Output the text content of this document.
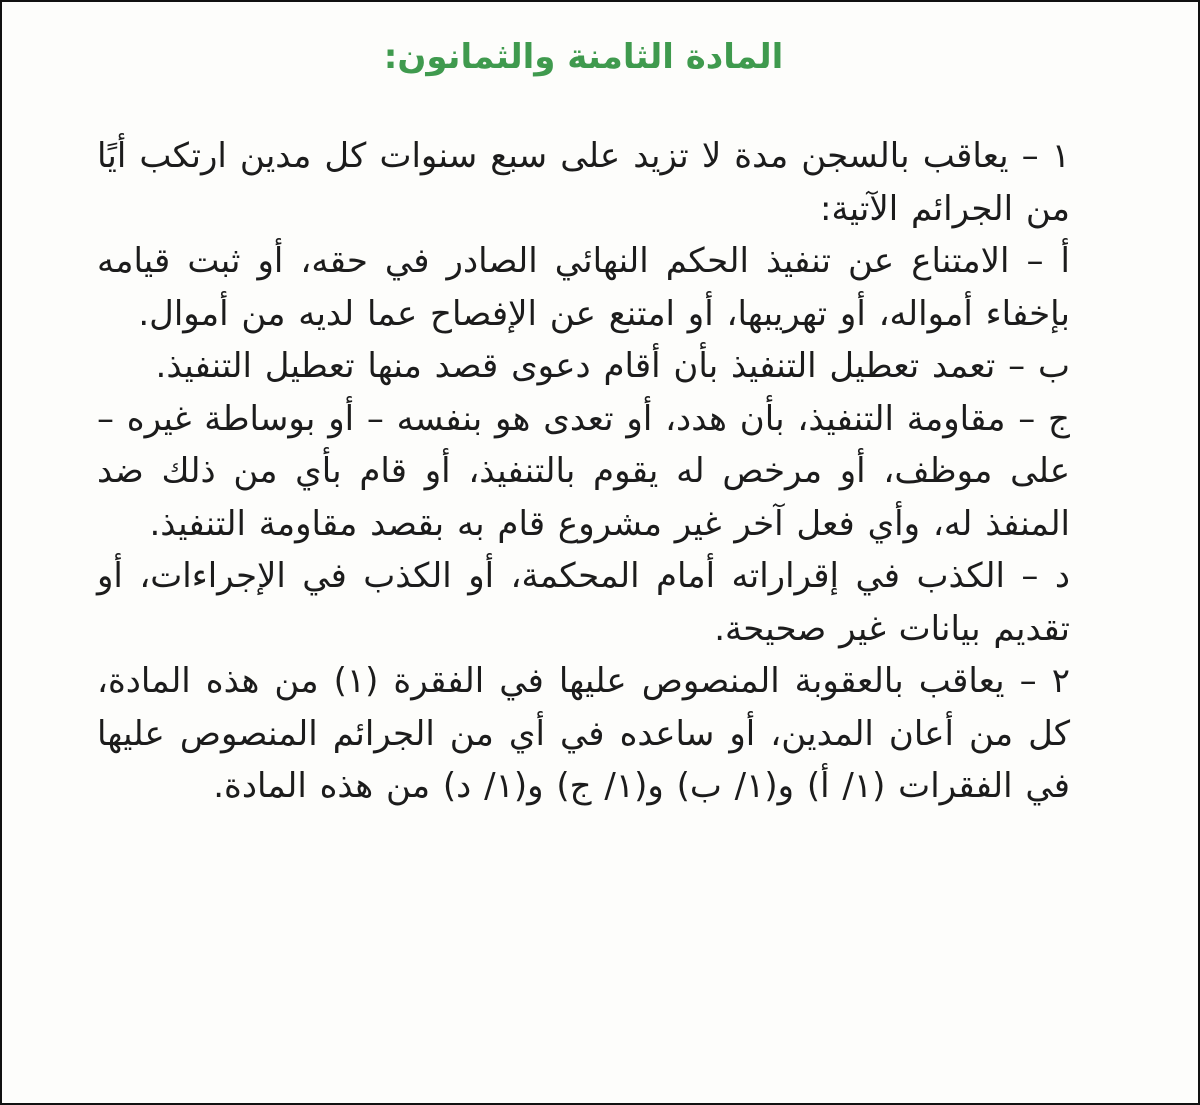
المادة الثامنة والثمانون:

١ – يعاقب بالسجن مدة لا تزيد على سبع سنوات كل مدين ارتكب أيًا من الجرائم الآتية:

أ – الامتناع عن تنفيذ الحكم النهائي الصادر في حقه، أو ثبت قيامه بإخفاء أمواله، أو تهريبها، أو امتنع عن الإفصاح عما لديه من أموال.

ب – تعمد تعطيل التنفيذ بأن أقام دعوى قصد منها تعطيل التنفيذ.

ج – مقاومة التنفيذ، بأن هدد، أو تعدى هو بنفسه – أو بوساطة غيره – على موظف، أو مرخص له يقوم بالتنفيذ، أو قام بأي من ذلك ضد المنفذ له، وأي فعل آخر غير مشروع قام به بقصد مقاومة التنفيذ.

د – الكذب في إقراراته أمام المحكمة، أو الكذب في الإجراءات، أو تقديم بيانات غير صحيحة.

٢ – يعاقب بالعقوبة المنصوص عليها في الفقرة (١) من هذه المادة، كل من أعان المدين، أو ساعده في أي من الجرائم المنصوص عليها في الفقرات (١/ أ) و(١/ ب) و(١/ ج) و(١/ د) من هذه المادة.
